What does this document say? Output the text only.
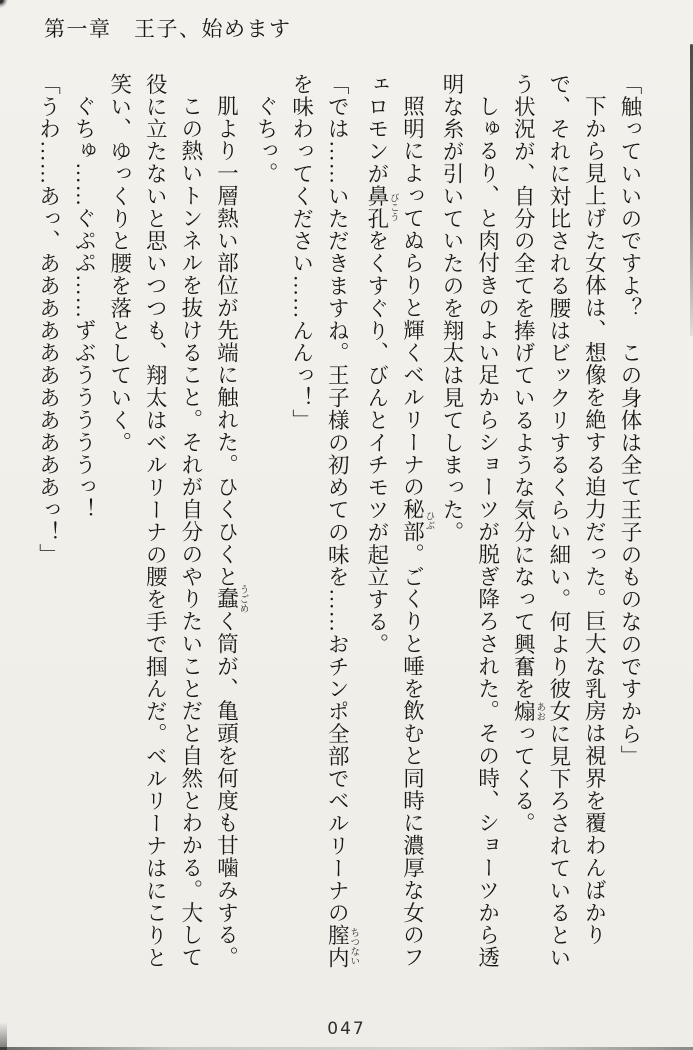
第一章　王子、始めます

「触っていいのですよ？　この身体は全て王子のものなのですから」

下から見上げた女体は、想像を絶する迫力だった。巨大な乳房は視界を覆わんばかりで、それに対比される腰はビックリするくらい細い。何より彼女に見下ろされているという状況が、自分の全てを捧げているような気分になって興奮を煽 あおってくる。

しゅるり、と肉付きのよい足からショーツが脱ぎ降ろされた。その時、ショーツから透明な糸が引いていたのを翔太は見てしまった。

照明によってぬらりと輝くベルリーナの秘部 ひぶ。ごくりと唾を飲むと同時に濃厚な女のフェロモンが鼻孔 びこうをくすぐり、びんとイチモツが起立する。

「では……いただきますね。王子様の初めての味を……おチンポ全部でベルリーナの膣内 ちつないを味わってください……んんっ！」

ぐちっ。

肌より一層熱い部位が先端に触れた。ひくひくと蠢 うごめく筒が、亀頭を何度も甘噛みする。

この熱いトンネルを抜けること。それが自分のやりたいことだと自然とわかる。大して役に立たないと思いつつも、翔太はベルリーナの腰を手で掴んだ。ベルリーナはにこりと笑い、ゆっくりと腰を落としていく。

ぐちゅ……ぐぷぷ……ずぶうううううっ！

「うわ……あっ、あああああああああああっ！」

047
